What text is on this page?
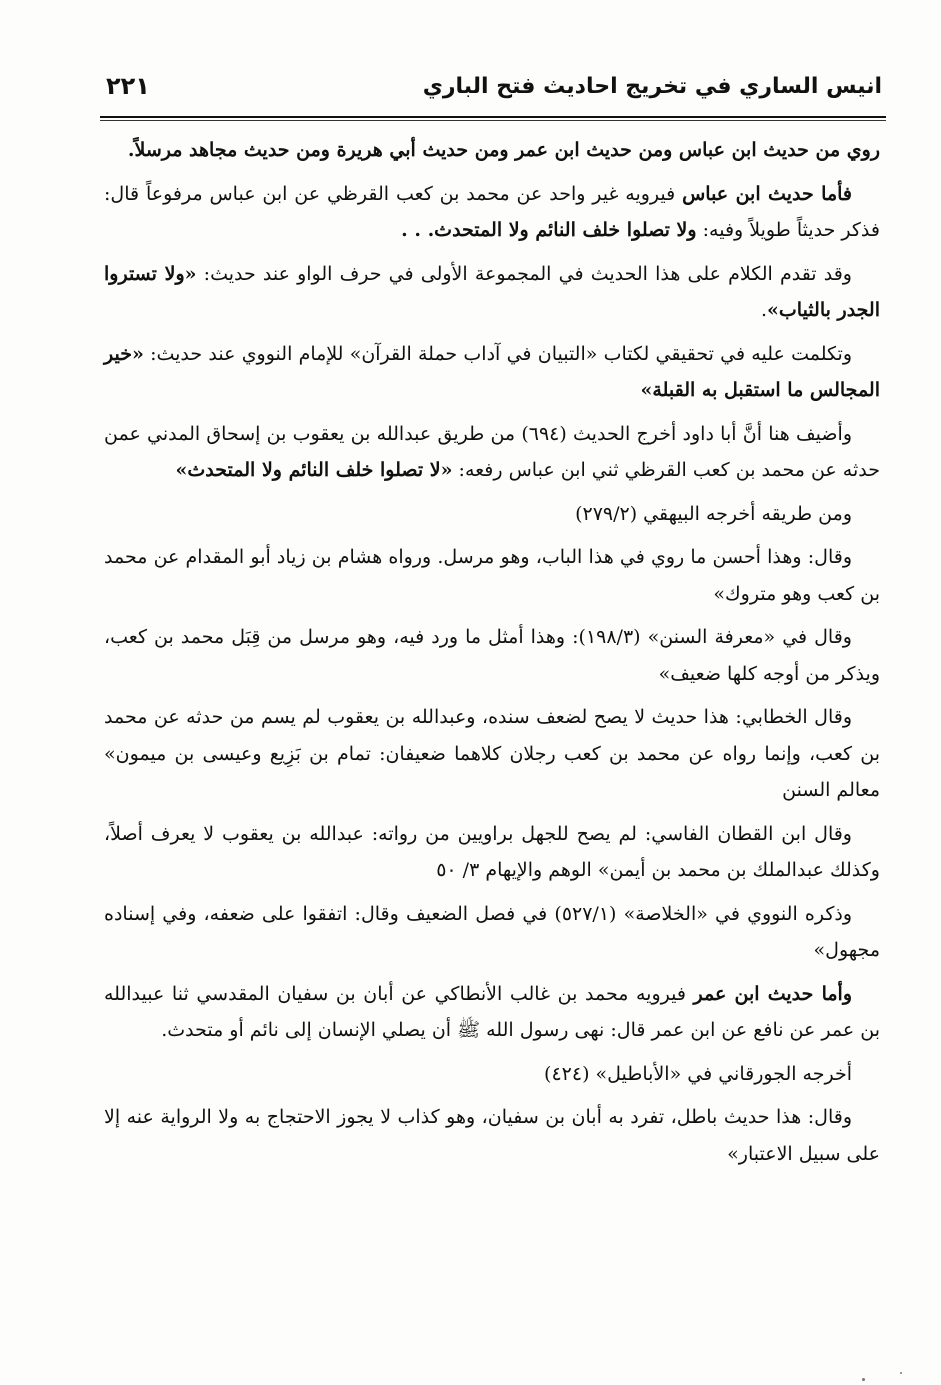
انيس الساري في تخريج احاديث فتح الباري
٢٢١

روي من حديث ابن عباس ومن حديث ابن عمر ومن حديث أبي هريرة ومن حديث مجاهد مرسلاً.

فأما حديث ابن عباس فيرويه غير واحد عن محمد بن كعب القرظي عن ابن عباس مرفوعاً قال: فذكر حديثاً طويلاً وفيه: ولا تصلوا خلف النائم ولا المتحدث. . .

وقد تقدم الكلام على هذا الحديث في المجموعة الأولى في حرف الواو عند حديث: «ولا تستروا الجدر بالثياب».

وتكلمت عليه في تحقيقي لكتاب «التبيان في آداب حملة القرآن» للإمام النووي عند حديث: «خير المجالس ما استقبل به القبلة»

وأضيف هنا أنَّ أبا داود أخرج الحديث (٦٩٤) من طريق عبدالله بن يعقوب بن إسحاق المدني عمن حدثه عن محمد بن كعب القرظي ثني ابن عباس رفعه: «لا تصلوا خلف النائم ولا المتحدث»

ومن طريقه أخرجه البيهقي (٢٧٩/٢)

وقال: وهذا أحسن ما روي في هذا الباب، وهو مرسل. ورواه هشام بن زياد أبو المقدام عن محمد بن كعب وهو متروك»

وقال في «معرفة السنن» (١٩٨/٣): وهذا أمثل ما ورد فيه، وهو مرسل من قِبَل محمد بن كعب، ويذكر من أوجه كلها ضعيف»

وقال الخطابي: هذا حديث لا يصح لضعف سنده، وعبدالله بن يعقوب لم يسم من حدثه عن محمد بن كعب، وإنما رواه عن محمد بن كعب رجلان كلاهما ضعيفان: تمام بن بَزِيع وعيسى بن ميمون» معالم السنن

وقال ابن القطان الفاسي: لم يصح للجهل براويين من رواته: عبدالله بن يعقوب لا يعرف أصلاً، وكذلك عبدالملك بن محمد بن أيمن» الوهم والإيهام ٣/ ٥٠

وذكره النووي في «الخلاصة» (٥٢٧/١) في فصل الضعيف وقال: اتفقوا على ضعفه، وفي إسناده مجهول»

وأما حديث ابن عمر فيرويه محمد بن غالب الأنطاكي عن أبان بن سفيان المقدسي ثنا عبيدالله بن عمر عن نافع عن ابن عمر قال: نهى رسول الله ﷺ أن يصلي الإنسان إلى نائم أو متحدث.

أخرجه الجورقاني في «الأباطيل» (٤٢٤)

وقال: هذا حديث باطل، تفرد به أبان بن سفيان، وهو كذاب لا يجوز الاحتجاج به ولا الرواية عنه إلا على سبيل الاعتبار»
